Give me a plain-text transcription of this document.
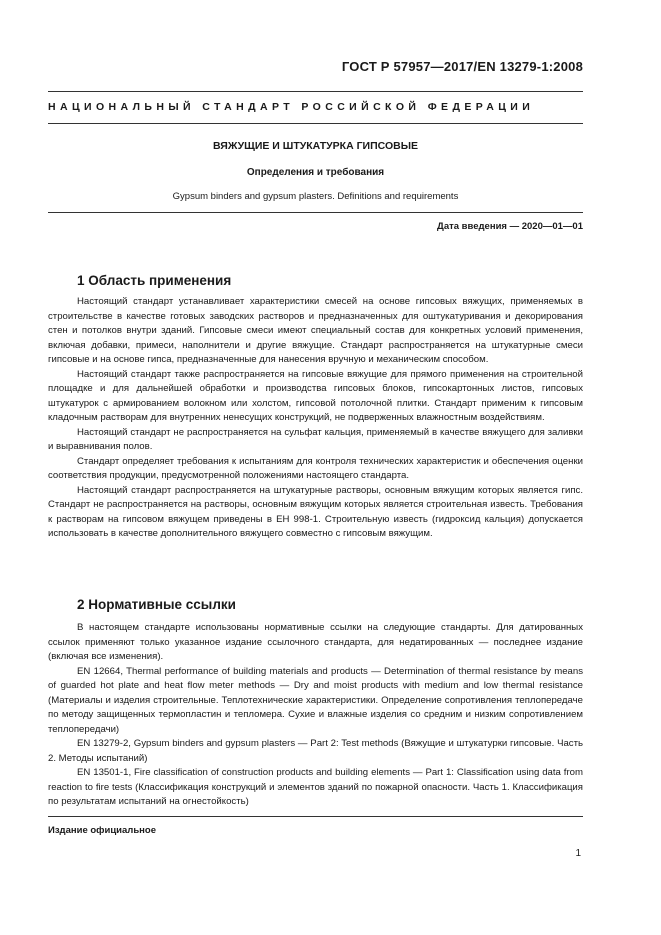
ГОСТ Р 57957—2017/EN 13279-1:2008
НАЦИОНАЛЬНЫЙ СТАНДАРТ РОССИЙСКОЙ ФЕДЕРАЦИИ
ВЯЖУЩИЕ И ШТУКАТУРКА ГИПСОВЫЕ
Определения и требования
Gypsum binders and gypsum plasters. Definitions and requirements
Дата введения — 2020—01—01
1 Область применения

Настоящий стандарт устанавливает характеристики смесей на основе гипсовых вяжущих, применяемых в строительстве в качестве готовых заводских растворов и предназначенных для оштукатуривания и декорирования стен и потолков внутри зданий. Гипсовые смеси имеют специальный состав для конкретных условий применения, включая добавки, примеси, наполнители и другие вяжущие. Стандарт распространяется на штукатурные смеси гипсовые и на основе гипса, предназначенные для нанесения вручную и механическим способом.

Настоящий стандарт также распространяется на гипсовые вяжущие для прямого применения на строительной площадке и для дальнейшей обработки и производства гипсовых блоков, гипсокартонных листов, гипсовых штукатурок с армированием волокном или холстом, гипсовой потолочной плитки. Стандарт применим к гипсовым кладочным растворам для внутренних ненесущих конструкций, не подверженных влажностным воздействиям.

Настоящий стандарт не распространяется на сульфат кальция, применяемый в качестве вяжущего для заливки и выравнивания полов.

Стандарт определяет требования к испытаниям для контроля технических характеристик и обеспечения оценки соответствия продукции, предусмотренной положениями настоящего стандарта.

Настоящий стандарт распространяется на штукатурные растворы, основным вяжущим которых является гипс. Стандарт не распространяется на растворы, основным вяжущим которых является строительная известь. Требования к растворам на гипсовом вяжущем приведены в ЕН 998-1. Строительную известь (гидроксид кальция) допускается использовать в качестве дополнительного вяжущего совместно с гипсовым вяжущим.

2 Нормативные ссылки

В настоящем стандарте использованы нормативные ссылки на следующие стандарты. Для датированных ссылок применяют только указанное издание ссылочного стандарта, для недатированных — последнее издание (включая все изменения).

EN 12664, Thermal performance of building materials and products — Determination of thermal resistance by means of guarded hot plate and heat flow meter methods — Dry and moist products with medium and low thermal resistance (Материалы и изделия строительные. Теплотехнические характеристики. Определение сопротивления теплопередаче по методу защищенных термопластин и тепломера. Сухие и влажные изделия со средним и низким сопротивлением теплопередачи)

EN 13279-2, Gypsum binders and gypsum plasters — Part 2: Test methods (Вяжущие и штукатурки гипсовые. Часть 2. Методы испытаний)

EN 13501-1, Fire classification of construction products and building elements — Part 1: Classification using data from reaction to fire tests (Классификация конструкций и элементов зданий по пожарной опасности. Часть 1. Классификация по результатам испытаний на огнестойкость)

Издание официальное
1
